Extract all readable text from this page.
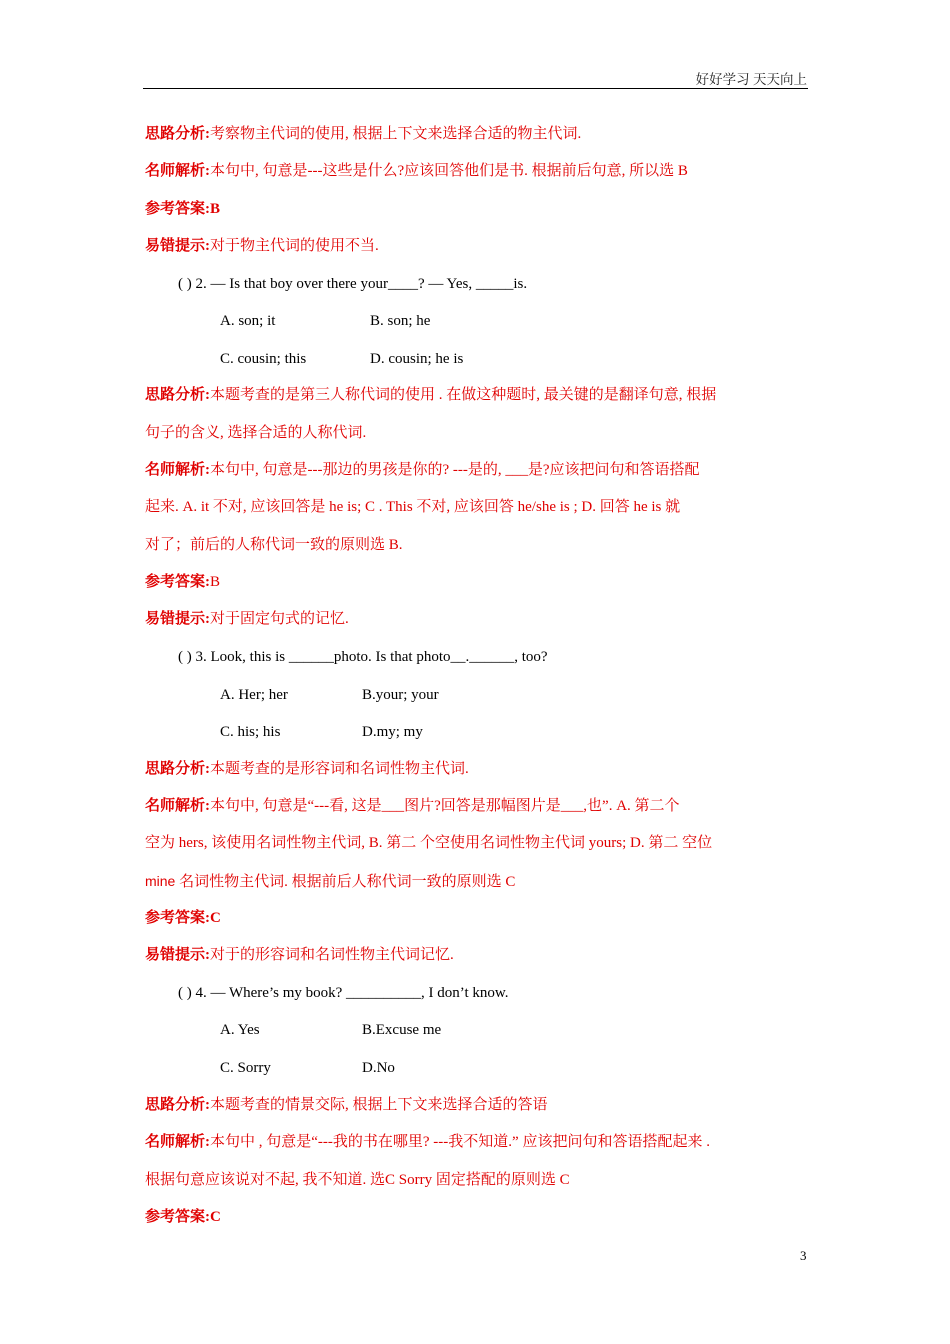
好好学习 天天向上
思路分析:考察物主代词的使用, 根据上下文来选择合适的物主代词.
名师解析:本句中, 句意是---这些是什么?应该回答他们是书. 根据前后句意, 所以选 B
参考答案:B
易错提示:对于物主代词的使用不当.
( ) 2. — Is that boy over there your____? — Yes, _____is.
A. son; it	B. son; he
C. cousin; this	D. cousin; he is
思路分析:本题考查的是第三人称代词的使用 . 在做这种题时, 最关键的是翻译句意, 根据
句子的含义, 选择合适的人称代词.
名师解析:本句中, 句意是---那边的男孩是你的? ---是的, ___是?应该把问句和答语搭配
起来. A. it 不对, 应该回答是 he is; C . This 不对, 应该回答 he/she is ; D. 回答 he is 就
对了；前后的人称代词一致的原则选 B.
参考答案:B
易错提示:对于固定句式的记忆.
( ) 3. Look, this is ______photo. Is that photo__.______, too?
A. Her; her	B.your; your
C. his; his	D.my; my
思路分析:本题考查的是形容词和名词性物主代词.
名师解析:本句中, 句意是“---看, 这是___图片?回答是那幅图片是___,也”. A. 第二个
空为 hers, 该使用名词性物主代词, B. 第二 个空使用名词性物主代词 yours; D. 第二 空位
mine 名词性物主代词. 根据前后人称代词一致的原则选 C
参考答案:C
易错提示:对于的形容词和名词性物主代词记忆.
( ) 4. — Where’s my book? __________, I don’t know.
A. Yes	B.Excuse me
C. Sorry	D.No
思路分析:本题考查的情景交际, 根据上下文来选择合适的答语
名师解析:本句中 , 句意是“---我的书在哪里? ---我不知道.” 应该把问句和答语搭配起来 .
根据句意应该说对不起, 我不知道. 选C Sorry 固定搭配的原则选 C
参考答案:C
3
